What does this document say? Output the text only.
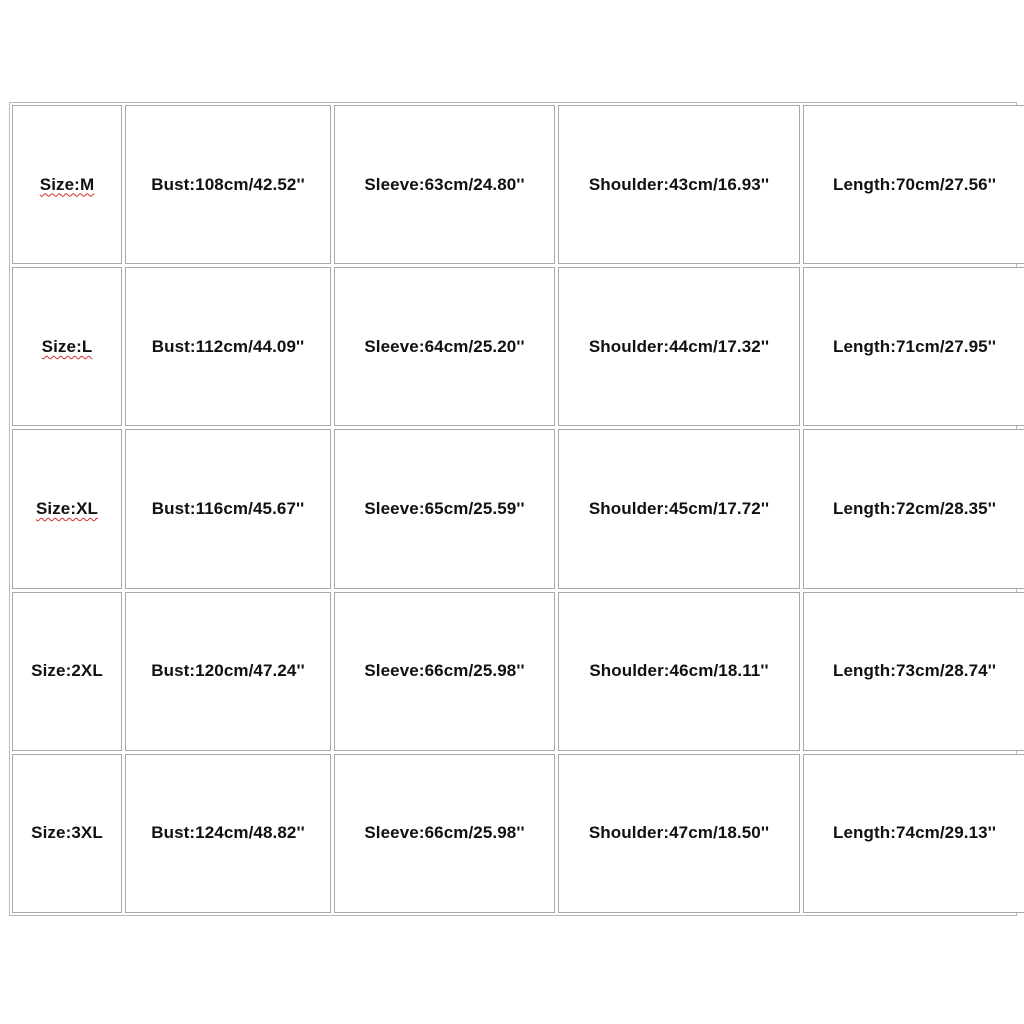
Size:M	Bust:108cm/42.52''	Sleeve:63cm/24.80''	Shoulder:43cm/16.93''	Length:70cm/27.56''
Size:L	Bust:112cm/44.09''	Sleeve:64cm/25.20''	Shoulder:44cm/17.32''	Length:71cm/27.95''
Size:XL	Bust:116cm/45.67''	Sleeve:65cm/25.59''	Shoulder:45cm/17.72''	Length:72cm/28.35''
Size:2XL	Bust:120cm/47.24''	Sleeve:66cm/25.98''	Shoulder:46cm/18.11''	Length:73cm/28.74''
Size:3XL	Bust:124cm/48.82''	Sleeve:66cm/25.98''	Shoulder:47cm/18.50''	Length:74cm/29.13''
